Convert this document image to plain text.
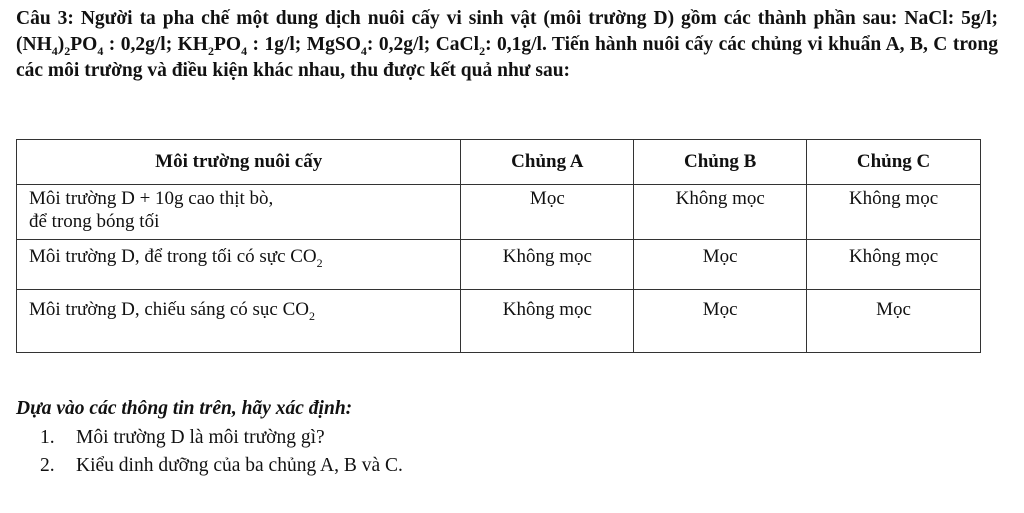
Câu 3: Người ta pha chế một dung dịch nuôi cấy vi sinh vật (môi trường D) gồm các thành phần sau: NaCl: 5g/l; $(NH_4)_2PO_4$ : 0,2g/l; $KH_2PO_4$ : 1g/l; MgSO$_4$: 0,2g/l; CaCl$_2$: 0,1g/l. Tiến hành nuôi cấy các chủng vi khuẩn A, B, C trong các môi trường và điều kiện khác nhau, thu được kết quả như sau:

Môi trường nuôi cấy	Chủng A	Chủng B	Chủng C

Môi trường D + 10g cao thịt bò,
để trong bóng tối	Mọc	Không mọc	Không mọc
Môi trường D, để trong tối có sực $CO_2$	Không mọc	Mọc	Không mọc
Môi trường D, chiếu sáng có sục $CO_2$	Không mọc	Mọc	Mọc

Dựa vào các thông tin trên, hãy xác định:

1.	Môi trường D là môi trường gì?
2.	Kiểu dinh dưỡng của ba chủng A, B và C.
